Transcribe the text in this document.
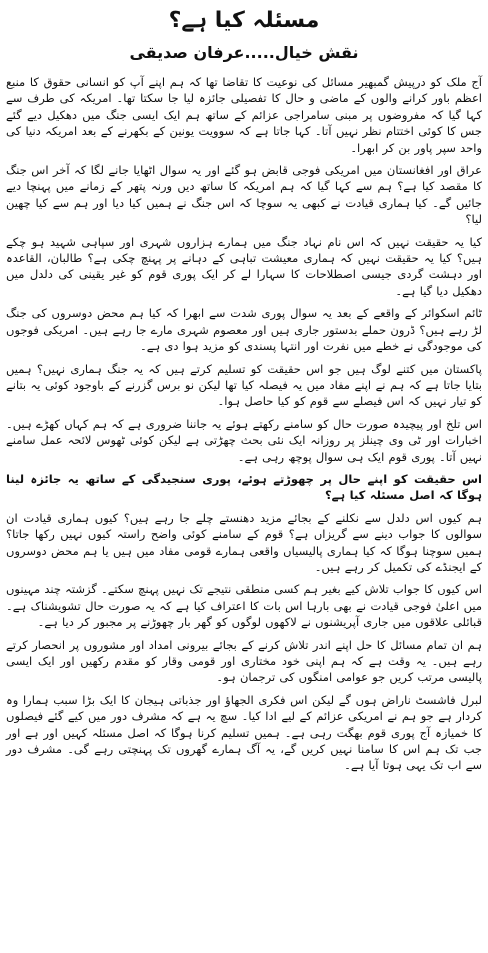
مسئلہ کیا ہے؟
نقش خیال.....عرفان صدیقی

آج ملک کو درپیش گمبھیر مسائل کی نوعیت کا تقاضا تھا کہ ہم اپنے آپ کو انسانی حقوق کا منبع اعظم باور کرانے والوں کے ماضی و حال کا تفصیلی جائزہ لیا جا سکتا تھا۔ امریکہ کی طرف سے کہا گیا کہ مفروضوں پر مبنی سامراجی عزائم کے ساتھ ہم ایک ایسی جنگ میں دھکیل دیے گئے جس کا کوئی اختتام نظر نہیں آتا۔ کہا جاتا ہے کہ سوویت یونین کے بکھرنے کے بعد امریکہ دنیا کی واحد سپر پاور بن کر ابھرا۔

عراق اور افغانستان میں امریکی فوجی قابض ہو گئے اور یہ سوال اٹھایا جانے لگا کہ آخر اس جنگ کا مقصد کیا ہے؟ ہم سے کہا گیا کہ ہم امریکہ کا ساتھ دیں ورنہ پتھر کے زمانے میں پہنچا دیے جائیں گے۔ کیا ہماری قیادت نے کبھی یہ سوچا کہ اس جنگ نے ہمیں کیا دیا اور ہم سے کیا چھین لیا؟

کیا یہ حقیقت نہیں کہ اس نام نہاد جنگ میں ہمارے ہزاروں شہری اور سپاہی شہید ہو چکے ہیں؟ کیا یہ حقیقت نہیں کہ ہماری معیشت تباہی کے دہانے پر پہنچ چکی ہے؟ طالبان، القاعدہ اور دہشت گردی جیسی اصطلاحات کا سہارا لے کر ایک پوری قوم کو غیر یقینی کی دلدل میں دھکیل دیا گیا ہے۔

ٹائم اسکوائر کے واقعے کے بعد یہ سوال پوری شدت سے ابھرا کہ کیا ہم محض دوسروں کی جنگ لڑ رہے ہیں؟ ڈرون حملے بدستور جاری ہیں اور معصوم شہری مارے جا رہے ہیں۔ امریکی فوجوں کی موجودگی نے خطے میں نفرت اور انتہا پسندی کو مزید ہوا دی ہے۔

پاکستان میں کتنے لوگ ہیں جو اس حقیقت کو تسلیم کرتے ہیں کہ یہ جنگ ہماری نہیں؟ ہمیں بتایا جاتا ہے کہ ہم نے اپنے مفاد میں یہ فیصلہ کیا تھا لیکن نو برس گزرنے کے باوجود کوئی یہ بتانے کو تیار نہیں کہ اس فیصلے سے قوم کو کیا حاصل ہوا۔

اس تلخ اور پیچیدہ صورت حال کو سامنے رکھتے ہوئے یہ جاننا ضروری ہے کہ ہم کہاں کھڑے ہیں۔ اخبارات اور ٹی وی چینلز پر روزانہ ایک نئی بحث چھڑتی ہے لیکن کوئی ٹھوس لائحہ عمل سامنے نہیں آتا۔ پوری قوم ایک ہی سوال پوچھ رہی ہے۔

اس حقیقت کو اپنے حال پر چھوڑتے ہوئے، پوری سنجیدگی کے ساتھ یہ جائزہ لینا ہوگا کہ اصل مسئلہ کیا ہے؟

ہم کیوں اس دلدل سے نکلنے کے بجائے مزید دھنستے چلے جا رہے ہیں؟ کیوں ہماری قیادت ان سوالوں کا جواب دینے سے گریزاں ہے؟ قوم کے سامنے کوئی واضح راستہ کیوں نہیں رکھا جاتا؟ ہمیں سوچنا ہوگا کہ کیا ہماری پالیسیاں واقعی ہمارے قومی مفاد میں ہیں یا ہم محض دوسروں کے ایجنڈے کی تکمیل کر رہے ہیں۔

اس کیوں کا جواب تلاش کیے بغیر ہم کسی منطقی نتیجے تک نہیں پہنچ سکتے۔ گزشتہ چند مہینوں میں اعلیٰ فوجی قیادت نے بھی بارہا اس بات کا اعتراف کیا ہے کہ یہ صورت حال تشویشناک ہے۔ قبائلی علاقوں میں جاری آپریشنوں نے لاکھوں لوگوں کو گھر بار چھوڑنے پر مجبور کر دیا ہے۔

ہم ان تمام مسائل کا حل اپنے اندر تلاش کرنے کے بجائے بیرونی امداد اور مشوروں پر انحصار کرتے رہے ہیں۔ یہ وقت ہے کہ ہم اپنی خود مختاری اور قومی وقار کو مقدم رکھیں اور ایک ایسی پالیسی مرتب کریں جو عوامی امنگوں کی ترجمان ہو۔

لبرل فاشسٹ ناراض ہوں گے لیکن اس فکری الجھاؤ اور جذباتی ہیجان کا ایک بڑا سبب ہمارا وہ کردار ہے جو ہم نے امریکی عزائم کے لیے ادا کیا۔ سچ یہ ہے کہ مشرف دور میں کیے گئے فیصلوں کا خمیازہ آج پوری قوم بھگت رہی ہے۔ ہمیں تسلیم کرنا ہوگا کہ اصل مسئلہ کہیں اور ہے اور جب تک ہم اس کا سامنا نہیں کریں گے، یہ آگ ہمارے گھروں تک پہنچتی رہے گی۔ مشرف دور سے اب تک یہی ہوتا آیا ہے۔
